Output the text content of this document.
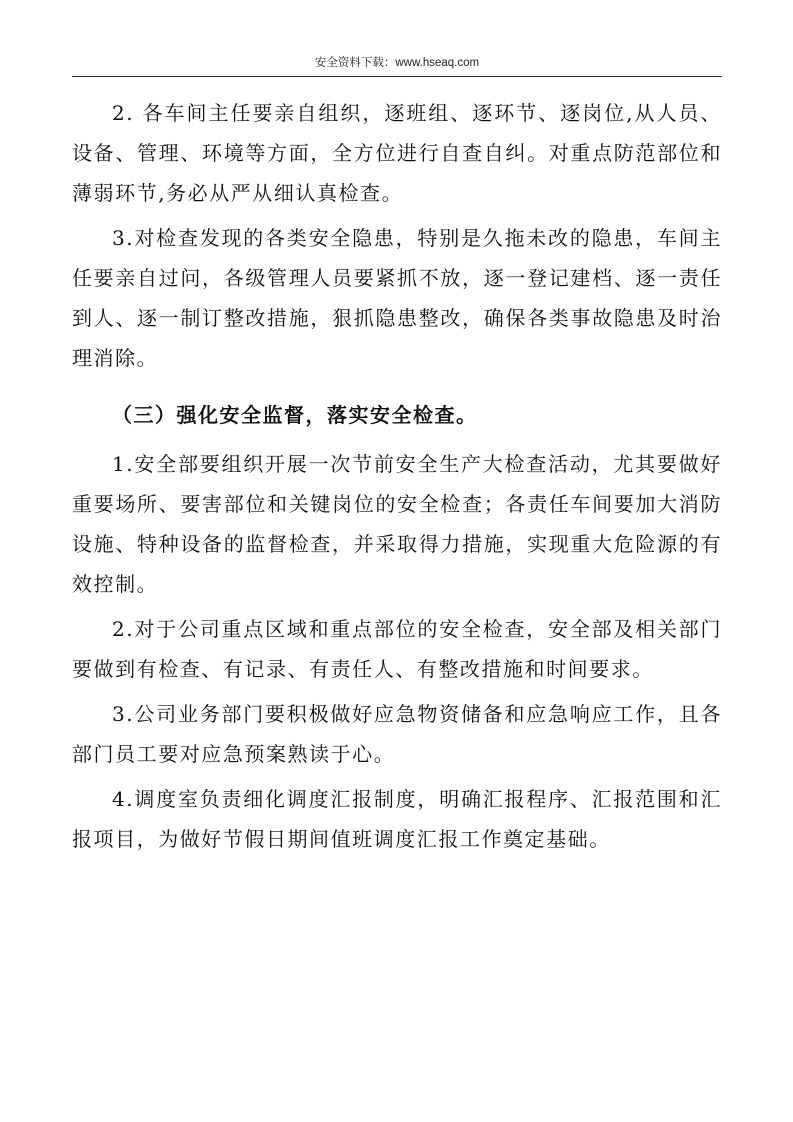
安全资料下载：www.hseaq.com

2. 各车间主任要亲自组织，逐班组、逐环节、逐岗位,从人员、设备、管理、环境等方面，全方位进行自查自纠。对重点防范部位和薄弱环节,务必从严从细认真检查。

3.对检查发现的各类安全隐患，特别是久拖未改的隐患，车间主任要亲自过问，各级管理人员要紧抓不放，逐一登记建档、逐一责任到人、逐一制订整改措施，狠抓隐患整改，确保各类事故隐患及时治理消除。

（三）强化安全监督，落实安全检查。

1.安全部要组织开展一次节前安全生产大检查活动，尤其要做好重要场所、要害部位和关键岗位的安全检查；各责任车间要加大消防设施、特种设备的监督检查，并采取得力措施，实现重大危险源的有效控制。

2.对于公司重点区域和重点部位的安全检查，安全部及相关部门要做到有检查、有记录、有责任人、有整改措施和时间要求。

3.公司业务部门要积极做好应急物资储备和应急响应工作，且各部门员工要对应急预案熟读于心。

4.调度室负责细化调度汇报制度，明确汇报程序、汇报范围和汇报项目，为做好节假日期间值班调度汇报工作奠定基础。
